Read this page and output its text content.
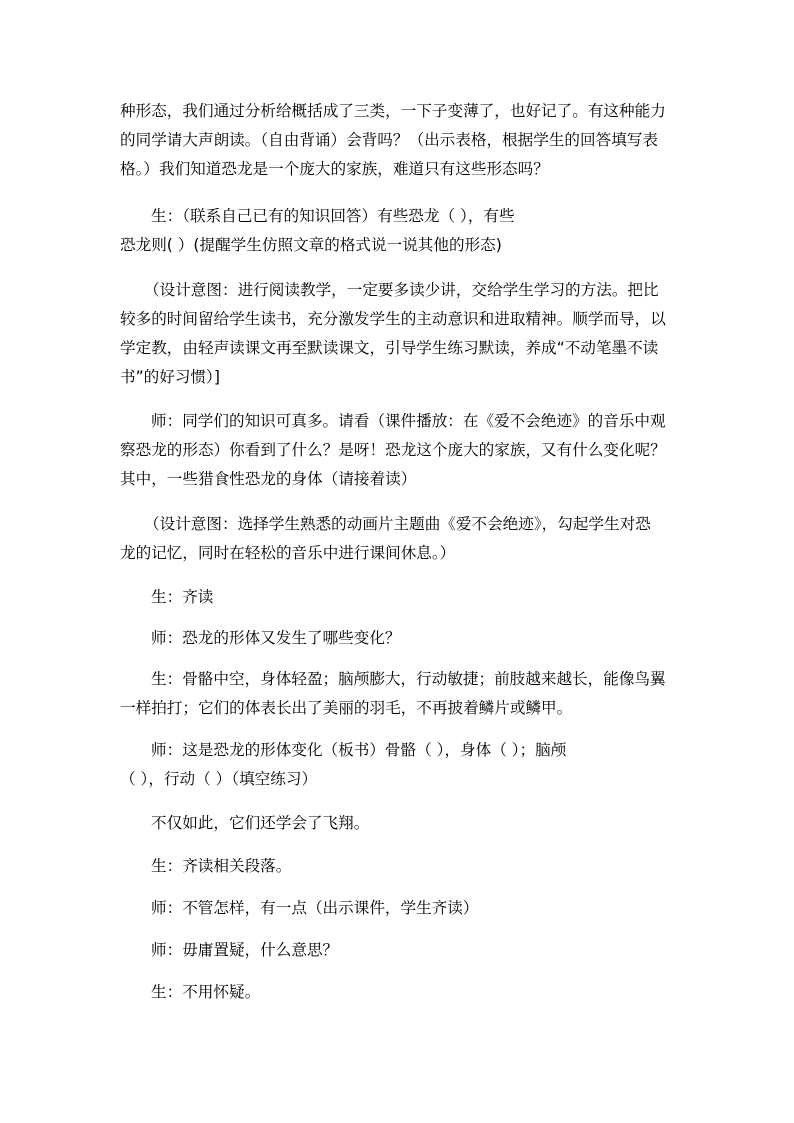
种形态，我们通过分析给概括成了三类，一下子变薄了，也好记了。有这种能力
的同学请大声朗读。（自由背诵）会背吗？（出示表格，根据学生的回答填写表
格。）我们知道恐龙是一个庞大的家族，难道只有这些形态吗？
生：（联系自己已有的知识回答）有些恐龙（ ），有些
恐龙则( ）(提醒学生仿照文章的格式说一说其他的形态)
（设计意图：进行阅读教学，一定要多读少讲，交给学生学习的方法。把比
较多的时间留给学生读书，充分激发学生的主动意识和进取精神。顺学而导，以
学定教，由轻声读课文再至默读课文，引导学生练习默读，养成“不动笔墨不读
书”的好习惯）]
师：同学们的知识可真多。请看（课件播放：在《爱不会绝迹》的音乐中观
察恐龙的形态）你看到了什么？是呀！恐龙这个庞大的家族，又有什么变化呢？
其中，一些猎食性恐龙的身体（请接着读）
（设计意图：选择学生熟悉的动画片主题曲《爱不会绝迹》，勾起学生对恐
龙的记忆，同时在轻松的音乐中进行课间休息。）
生：齐读
师：恐龙的形体又发生了哪些变化？
生：骨骼中空，身体轻盈；脑颅膨大，行动敏捷；前肢越来越长，能像鸟翼
一样拍打；它们的体表长出了美丽的羽毛，不再披着鳞片或鳞甲。
师：这是恐龙的形体变化（板书）骨骼（ ），身体（ ）；脑颅
（ ），行动（ ）（填空练习）
不仅如此，它们还学会了飞翔。
生：齐读相关段落。
师：不管怎样，有一点（出示课件，学生齐读）
师：毋庸置疑，什么意思？
生：不用怀疑。
